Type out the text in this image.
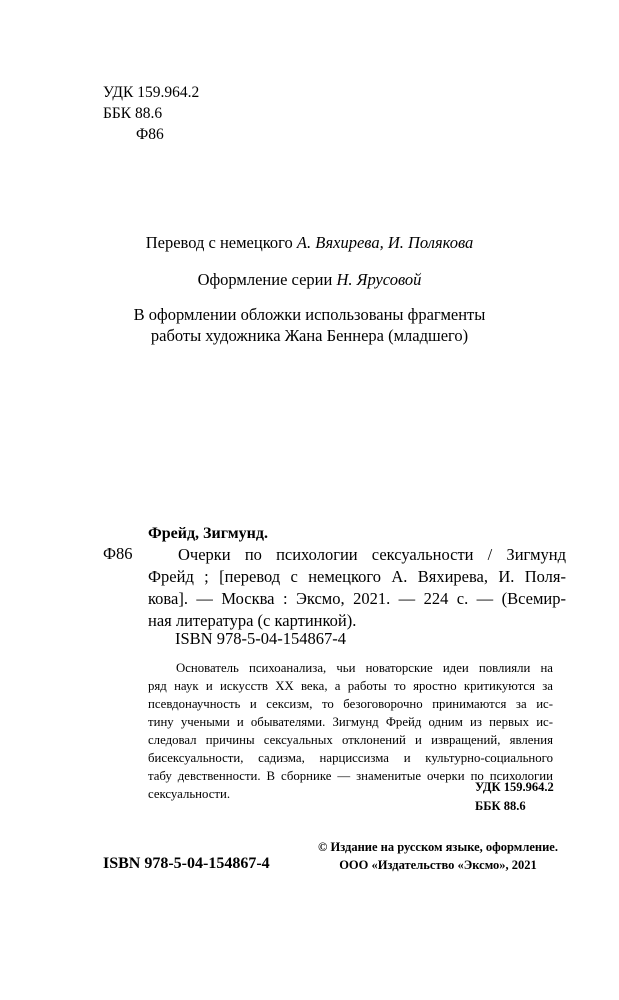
УДК 159.964.2
ББК 88.6
Ф86
Перевод с немецкого А. Вяхирева, И. Полякова
Оформление серии Н. Ярусовой
В оформлении обложки использованы фрагменты
работы художника Жана Беннера (младшего)
Фрейд, Зигмунд.
Ф86	Очерки по психологии сексуальности / Зигмунд
Фрейд ; [перевод с немецкого А. Вяхирева, И. Поля-
кова]. — Москва : Эксмо, 2021. — 224 с. — (Всемир-
ная литература (с картинкой).
ISBN 978-5-04-154867-4
Основатель психоанализа, чьи новаторские идеи повлияли на
ряд наук и искусств XX века, а работы то яростно критикуются за
псевдонаучность и сексизм, то безоговорочно принимаются за ис-
тину учеными и обывателями. Зигмунд Фрейд одним из первых ис-
следовал причины сексуальных отклонений и извращений, явления
бисексуальности, садизма, нарциссизма и культурно-социального
табу девственности. В сборнике — знаменитые очерки по психологии
сексуальности.	УДК 159.964.2
ББК 88.6
© Издание на русском языке, оформление.
ООО «Издательство «Эксмо», 2021
ISBN 978-5-04-154867-4
